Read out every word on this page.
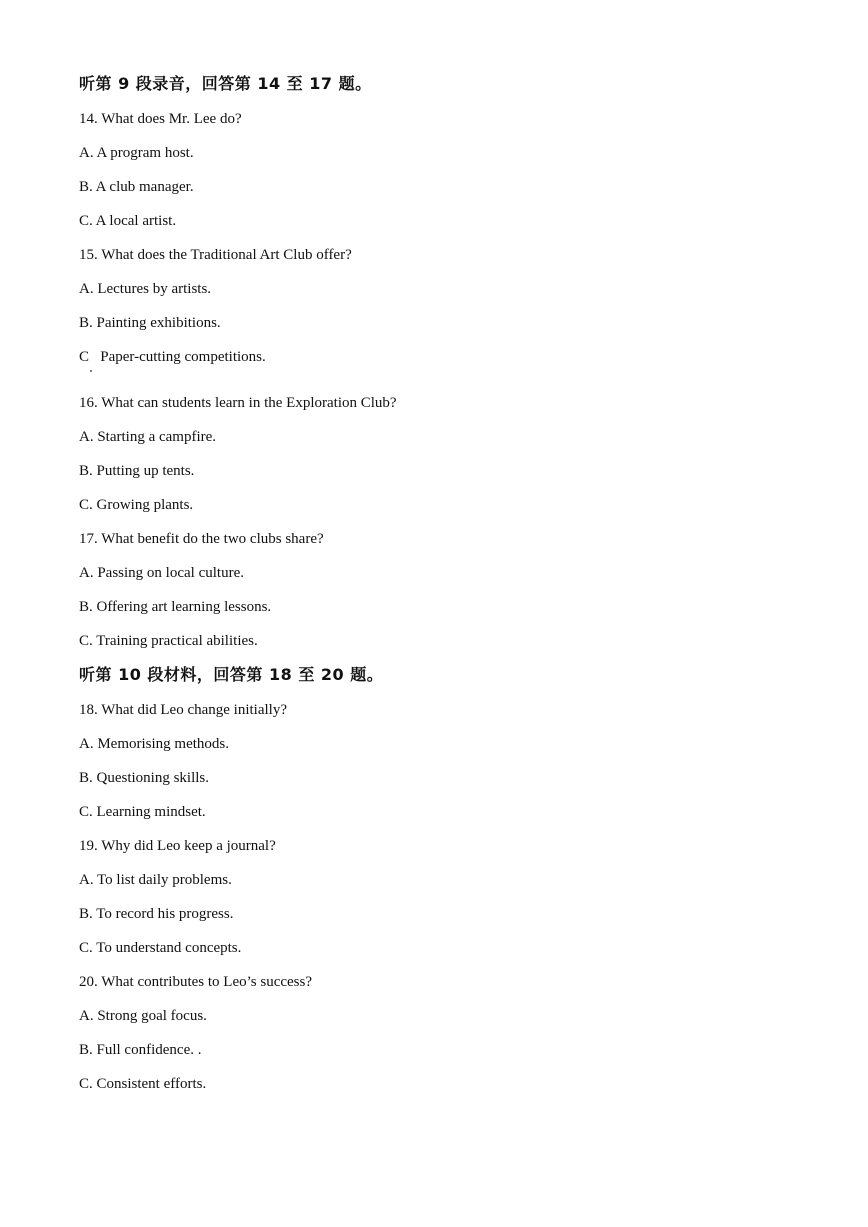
听第 9 段录音，回答第 14 至 17 题。
14. What does Mr. Lee do?
A. A program host.
B. A club manager.
C. A local artist.
15. What does the Traditional Art Club offer?
A. Lectures by artists.
B. Painting exhibitions.
C   Paper-cutting competitions.
16. What can students learn in the Exploration Club?
A. Starting a campfire.
B. Putting up tents.
C. Growing plants.
17. What benefit do the two clubs share?
A. Passing on local culture.
B. Offering art learning lessons.
C. Training practical abilities.
听第 10 段材料，回答第 18 至 20 题。
18. What did Leo change initially?
A. Memorising methods.
B. Questioning skills.
C. Learning mindset.
19. Why did Leo keep a journal?
A. To list daily problems.
B. To record his progress.
C. To understand concepts.
20. What contributes to Leo’s success?
A. Strong goal focus.
B. Full confidence. .
C. Consistent efforts.
